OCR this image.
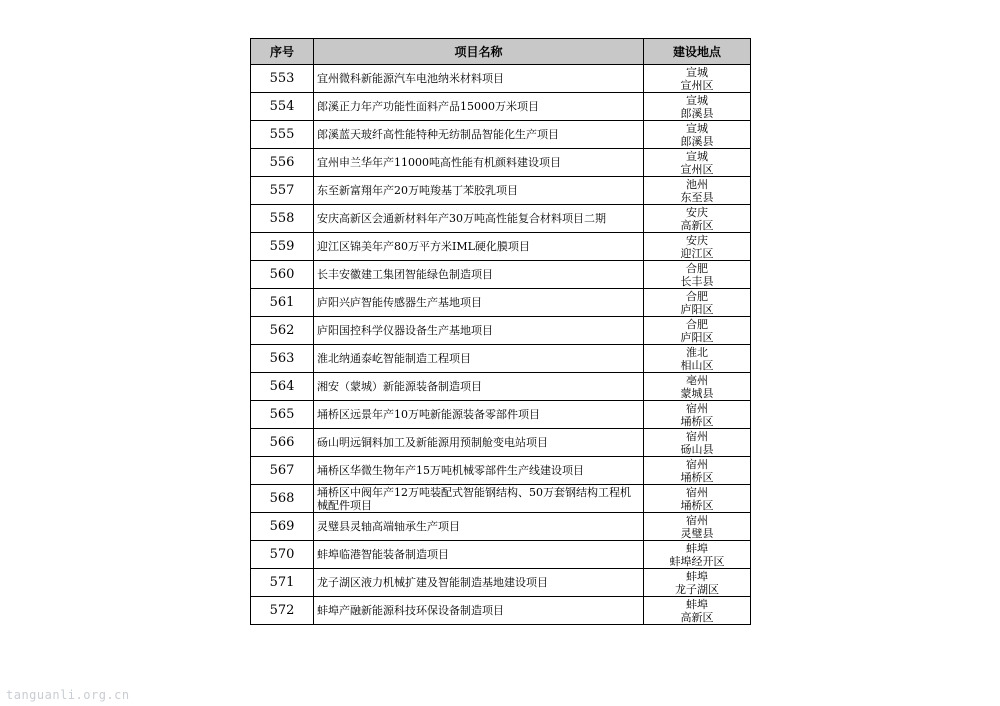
序号	项目名称	建设地点
553	宜州微科新能源汽车电池纳米材料项目	宣城
宣州区

554	郎溪正力年产功能性面料产品15000万米项目	宣城
郎溪县

555	郎溪蓝天玻纤高性能特种无纺制品智能化生产项目	宣城
郎溪县

556	宜州申兰华年产11000吨高性能有机颜料建设项目	宣城
宣州区

557	东至新富翔年产20万吨羧基丁苯胶乳项目	池州
东至县

558	安庆高新区会通新材料年产30万吨高性能复合材料项目二期	安庆
高新区

559	迎江区锦美年产80万平方米IML硬化膜项目	安庆
迎江区

560	长丰安徽建工集团智能绿色制造项目	合肥
长丰县

561	庐阳兴庐智能传感器生产基地项目	合肥
庐阳区

562	庐阳国控科学仪器设备生产基地项目	合肥
庐阳区

563	淮北纳通泰屹智能制造工程项目	淮北
相山区

564	湘安（蒙城）新能源装备制造项目	亳州
蒙城县

565	埇桥区远景年产10万吨新能源装备零部件项目	宿州
埇桥区

566	砀山明远铜料加工及新能源用预制舱变电站项目	宿州
砀山县

567	埇桥区华微生物年产15万吨机械零部件生产线建设项目	宿州
埇桥区

568	埇桥区中阀年产12万吨装配式智能钢结构、50万套钢结构工程机械配件项目	宿州
埇桥区

569	灵璧县灵轴高端轴承生产项目	宿州
灵璧县

570	蚌埠临港智能装备制造项目	蚌埠
蚌埠经开区

571	龙子湖区液力机械扩建及智能制造基地建设项目	蚌埠
龙子湖区

572	蚌埠产融新能源科技环保设备制造项目	蚌埠
高新区
tanguanli.org.cn
